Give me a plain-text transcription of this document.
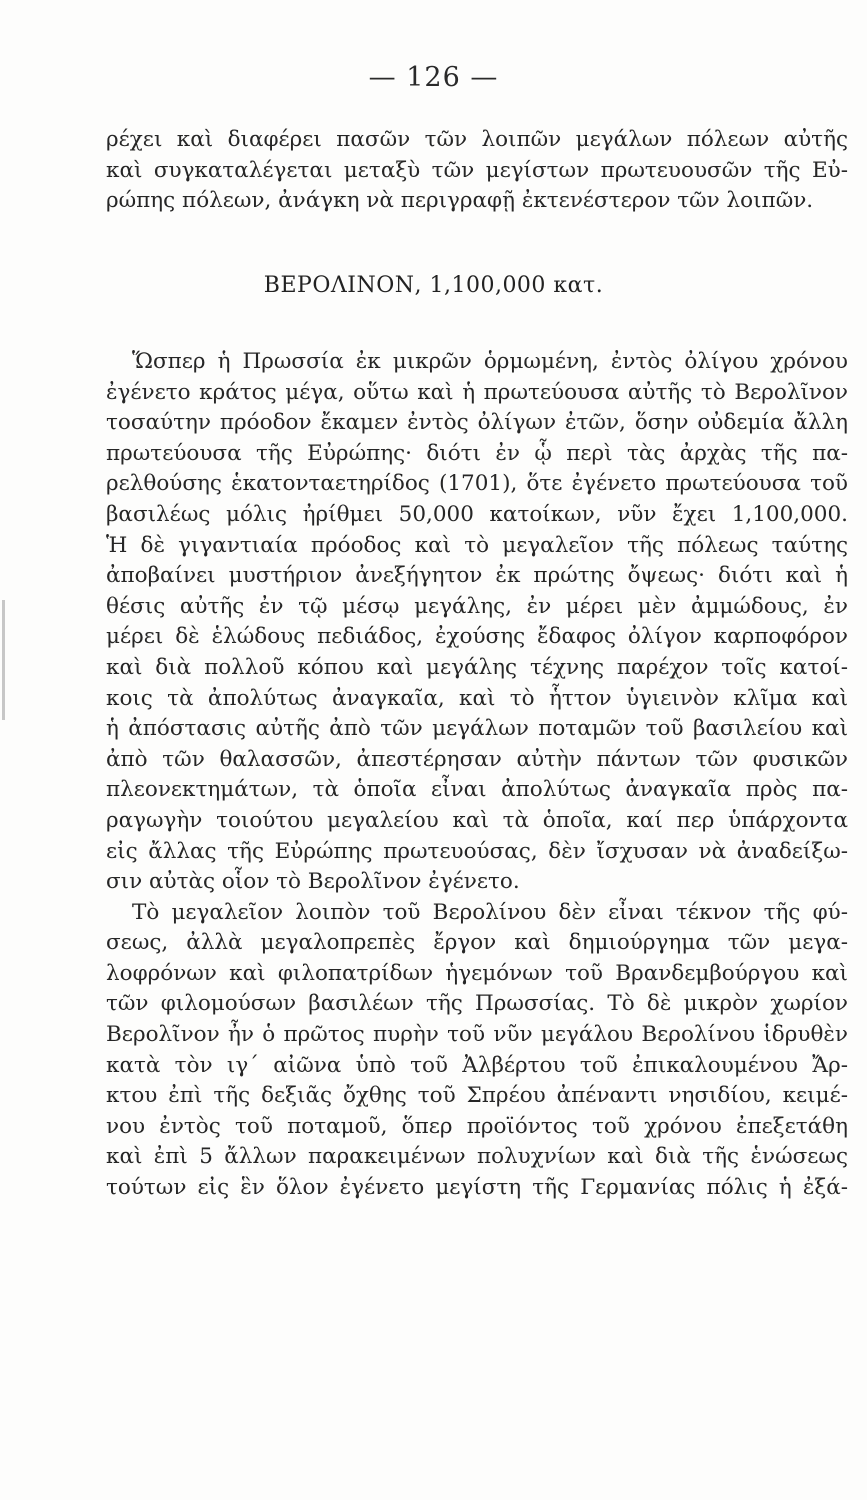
— 126 —
ρέχει καὶ διαφέρει πασῶν τῶν λοιπῶν μεγάλων πόλεων αὐτῆς
καὶ συγκαταλέγεται μεταξὺ τῶν μεγίστων πρωτευουσῶν τῆς Εὐ-
ρώπης πόλεων, ἀνάγκη νὰ περιγραφῇ ἐκτενέστερον τῶν λοιπῶν.
ΒΕΡΟΛΙΝΟΝ, 1,100,000 κατ.
Ὥσπερ ἡ Πρωσσία ἐκ μικρῶν ὁρμωμένη, ἐντὸς ὀλίγου χρόνου
ἐγένετο κράτος μέγα, οὕτω καὶ ἡ πρωτεύουσα αὐτῆς τὸ Βερολῖνον
τοσαύτην πρόοδον ἔκαμεν ἐντὸς ὀλίγων ἐτῶν, ὅσην οὐδεμία ἄλλη
πρωτεύουσα τῆς Εὐρώπης· διότι ἐν ᾧ περὶ τὰς ἀρχὰς τῆς πα-
ρελθούσης ἑκατονταετηρίδος (1701), ὅτε ἐγένετο πρωτεύουσα τοῦ
βασιλέως μόλις ἠρίθμει 50,000 κατοίκων, νῦν ἔχει 1,100,000.
Ἡ δὲ γιγαντιαία πρόοδος καὶ τὸ μεγαλεῖον τῆς πόλεως ταύτης
ἀποβαίνει μυστήριον ἀνεξήγητον ἐκ πρώτης ὄψεως· διότι καὶ ἡ
θέσις αὐτῆς ἐν τῷ μέσῳ μεγάλης, ἐν μέρει μὲν ἀμμώδους, ἐν
μέρει δὲ ἑλώδους πεδιάδος, ἐχούσης ἔδαφος ὀλίγον καρποφόρον
καὶ διὰ πολλοῦ κόπου καὶ μεγάλης τέχνης παρέχον τοῖς κατοί-
κοις τὰ ἀπολύτως ἀναγκαῖα, καὶ τὸ ἧττον ὑγιεινὸν κλῖμα καὶ
ἡ ἀπόστασις αὐτῆς ἀπὸ τῶν μεγάλων ποταμῶν τοῦ βασιλείου καὶ
ἀπὸ τῶν θαλασσῶν, ἀπεστέρησαν αὐτὴν πάντων τῶν φυσικῶν
πλεονεκτημάτων, τὰ ὁποῖα εἶναι ἀπολύτως ἀναγκαῖα πρὸς πα-
ραγωγὴν τοιούτου μεγαλείου καὶ τὰ ὁποῖα, καί περ ὑπάρχοντα
εἰς ἄλλας τῆς Εὐρώπης πρωτευούσας, δὲν ἴσχυσαν νὰ ἀναδείξω-
σιν αὐτὰς οἷον τὸ Βερολῖνον ἐγένετο.
Τὸ μεγαλεῖον λοιπὸν τοῦ Βερολίνου δὲν εἶναι τέκνον τῆς φύ-
σεως, ἀλλὰ μεγαλοπρεπὲς ἔργον καὶ δημιούργημα τῶν μεγα-
λοφρόνων καὶ φιλοπατρίδων ἡγεμόνων τοῦ Βρανδεμβούργου καὶ
τῶν φιλομούσων βασιλέων τῆς Πρωσσίας. Τὸ δὲ μικρὸν χωρίον
Βερολῖνον ἦν ὁ πρῶτος πυρὴν τοῦ νῦν μεγάλου Βερολίνου ἱδρυθὲν
κατὰ τὸν ιγ΄ αἰῶνα ὑπὸ τοῦ Ἀλβέρτου τοῦ ἐπικαλουμένου Ἄρ-
κτου ἐπὶ τῆς δεξιᾶς ὄχθης τοῦ Σπρέου ἀπέναντι νησιδίου, κειμέ-
νου ἐντὸς τοῦ ποταμοῦ, ὅπερ προϊόντος τοῦ χρόνου ἐπεξετάθη
καὶ ἐπὶ 5 ἄλλων παρακειμένων πολυχνίων καὶ διὰ τῆς ἑνώσεως
τούτων εἰς ἓν ὅλον ἐγένετο μεγίστη τῆς Γερμανίας πόλις ἡ ἐξά-
